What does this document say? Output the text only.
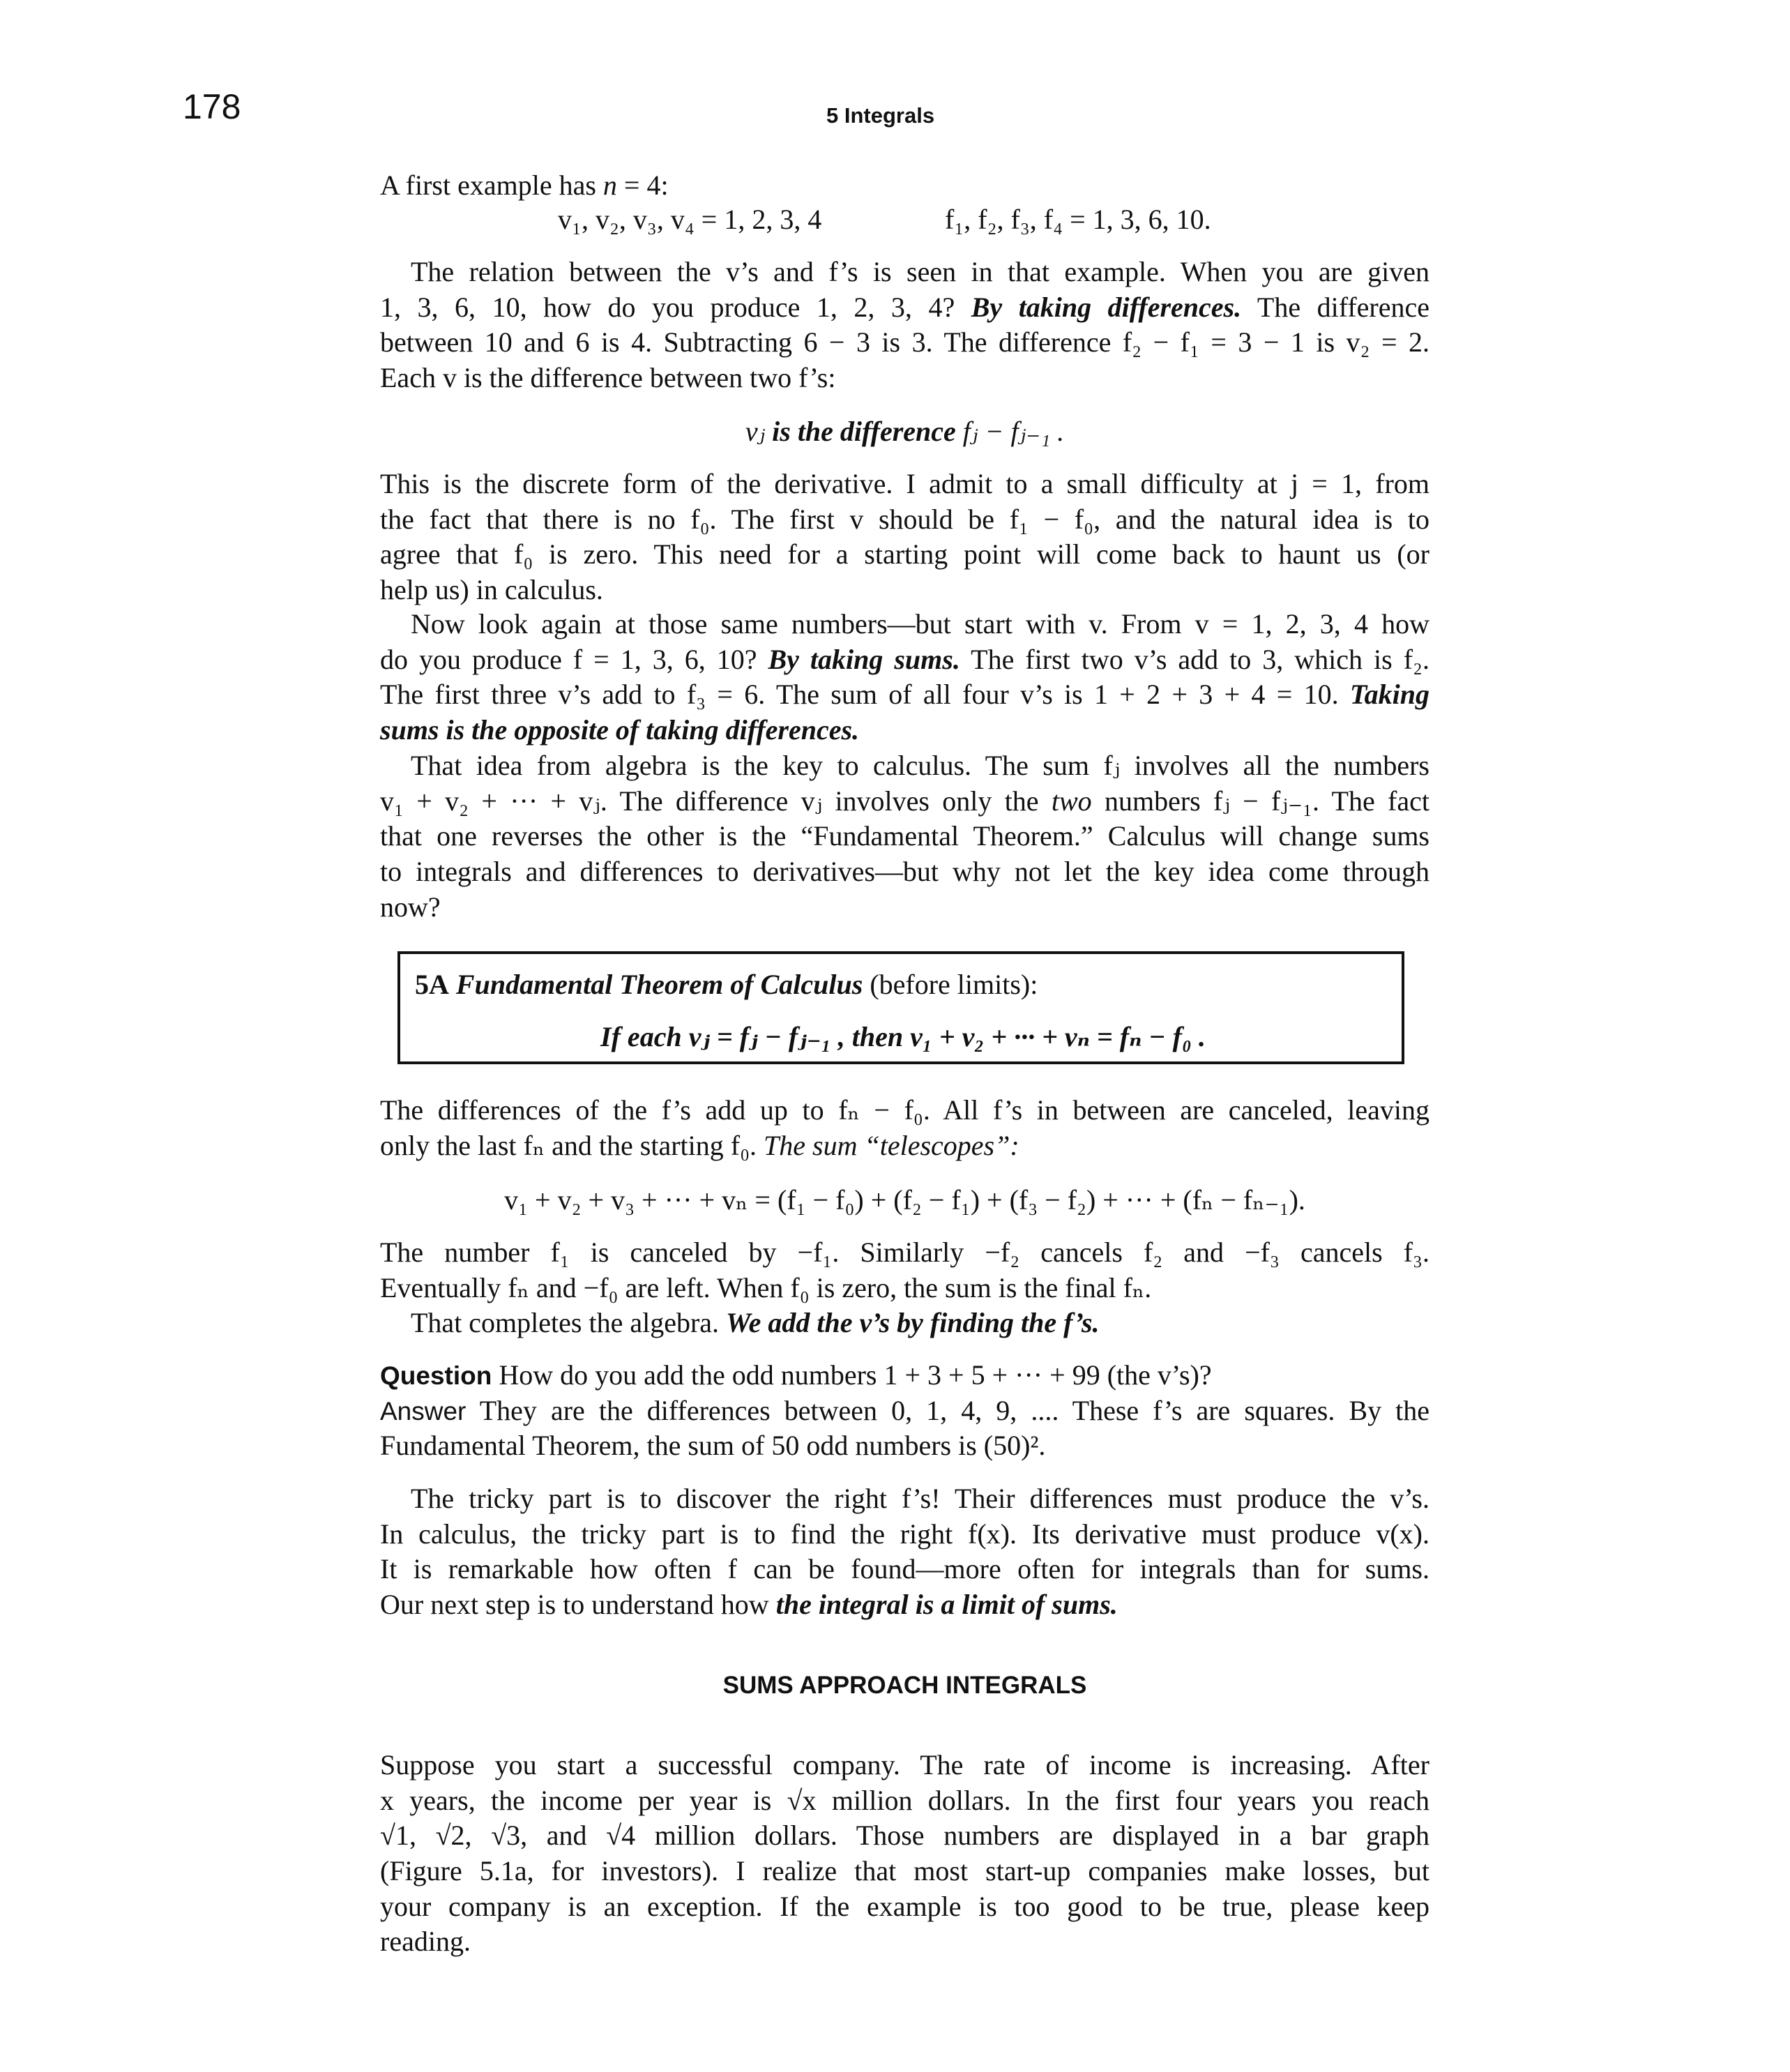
178	5 Integrals
A first example has n = 4:
v₁, v₂, v₃, v₄ = 1, 2, 3, 4	f₁, f₂, f₃, f₄ = 1, 3, 6, 10.
The relation between the v’s and f’s is seen in that example. When you are given
1, 3, 6, 10, how do you produce 1, 2, 3, 4? By taking differences. The difference
between 10 and 6 is 4. Subtracting 6 − 3 is 3. The difference f₂ − f₁ = 3 − 1 is v₂ = 2.
Each v is the difference between two f’s:
vⱼ is the difference fⱼ − fⱼ₋₁ .
This is the discrete form of the derivative. I admit to a small difficulty at j = 1, from
the fact that there is no f₀. The first v should be f₁ − f₀, and the natural idea is to
agree that f₀ is zero. This need for a starting point will come back to haunt us (or
help us) in calculus.
Now look again at those same numbers—but start with v. From v = 1, 2, 3, 4 how
do you produce f = 1, 3, 6, 10? By taking sums. The first two v’s add to 3, which is f₂.
The first three v’s add to f₃ = 6. The sum of all four v’s is 1 + 2 + 3 + 4 = 10. Taking
sums is the opposite of taking differences.
That idea from algebra is the key to calculus. The sum fⱼ involves all the numbers
v₁ + v₂ + ··· + vⱼ. The difference vⱼ involves only the two numbers fⱼ − fⱼ₋₁. The fact
that one reverses the other is the “Fundamental Theorem.” Calculus will change sums
to integrals and differences to derivatives—but why not let the key idea come through
now?
5A Fundamental Theorem of Calculus (before limits):
If each vⱼ = fⱼ − fⱼ₋₁ , then v₁ + v₂ + ··· + vₙ = fₙ − f₀ .
The differences of the f’s add up to fₙ − f₀. All f’s in between are canceled, leaving
only the last fₙ and the starting f₀. The sum “telescopes”:
v₁ + v₂ + v₃ + ··· + vₙ = (f₁ − f₀) + (f₂ − f₁) + (f₃ − f₂) + ··· + (fₙ − fₙ₋₁).
The number f₁ is canceled by −f₁. Similarly −f₂ cancels f₂ and −f₃ cancels f₃.
Eventually fₙ and −f₀ are left. When f₀ is zero, the sum is the final fₙ.
That completes the algebra. We add the v’s by finding the f’s.
Question How do you add the odd numbers 1 + 3 + 5 + ··· + 99 (the v’s)?
Answer They are the differences between 0, 1, 4, 9, .... These f’s are squares. By the
Fundamental Theorem, the sum of 50 odd numbers is (50)².
The tricky part is to discover the right f’s! Their differences must produce the v’s.
In calculus, the tricky part is to find the right f(x). Its derivative must produce v(x).
It is remarkable how often f can be found—more often for integrals than for sums.
Our next step is to understand how the integral is a limit of sums.
SUMS APPROACH INTEGRALS
Suppose you start a successful company. The rate of income is increasing. After
x years, the income per year is √x million dollars. In the first four years you reach
√1, √2, √3, and √4 million dollars. Those numbers are displayed in a bar graph
(Figure 5.1a, for investors). I realize that most start-up companies make losses, but
your company is an exception. If the example is too good to be true, please keep
reading.
